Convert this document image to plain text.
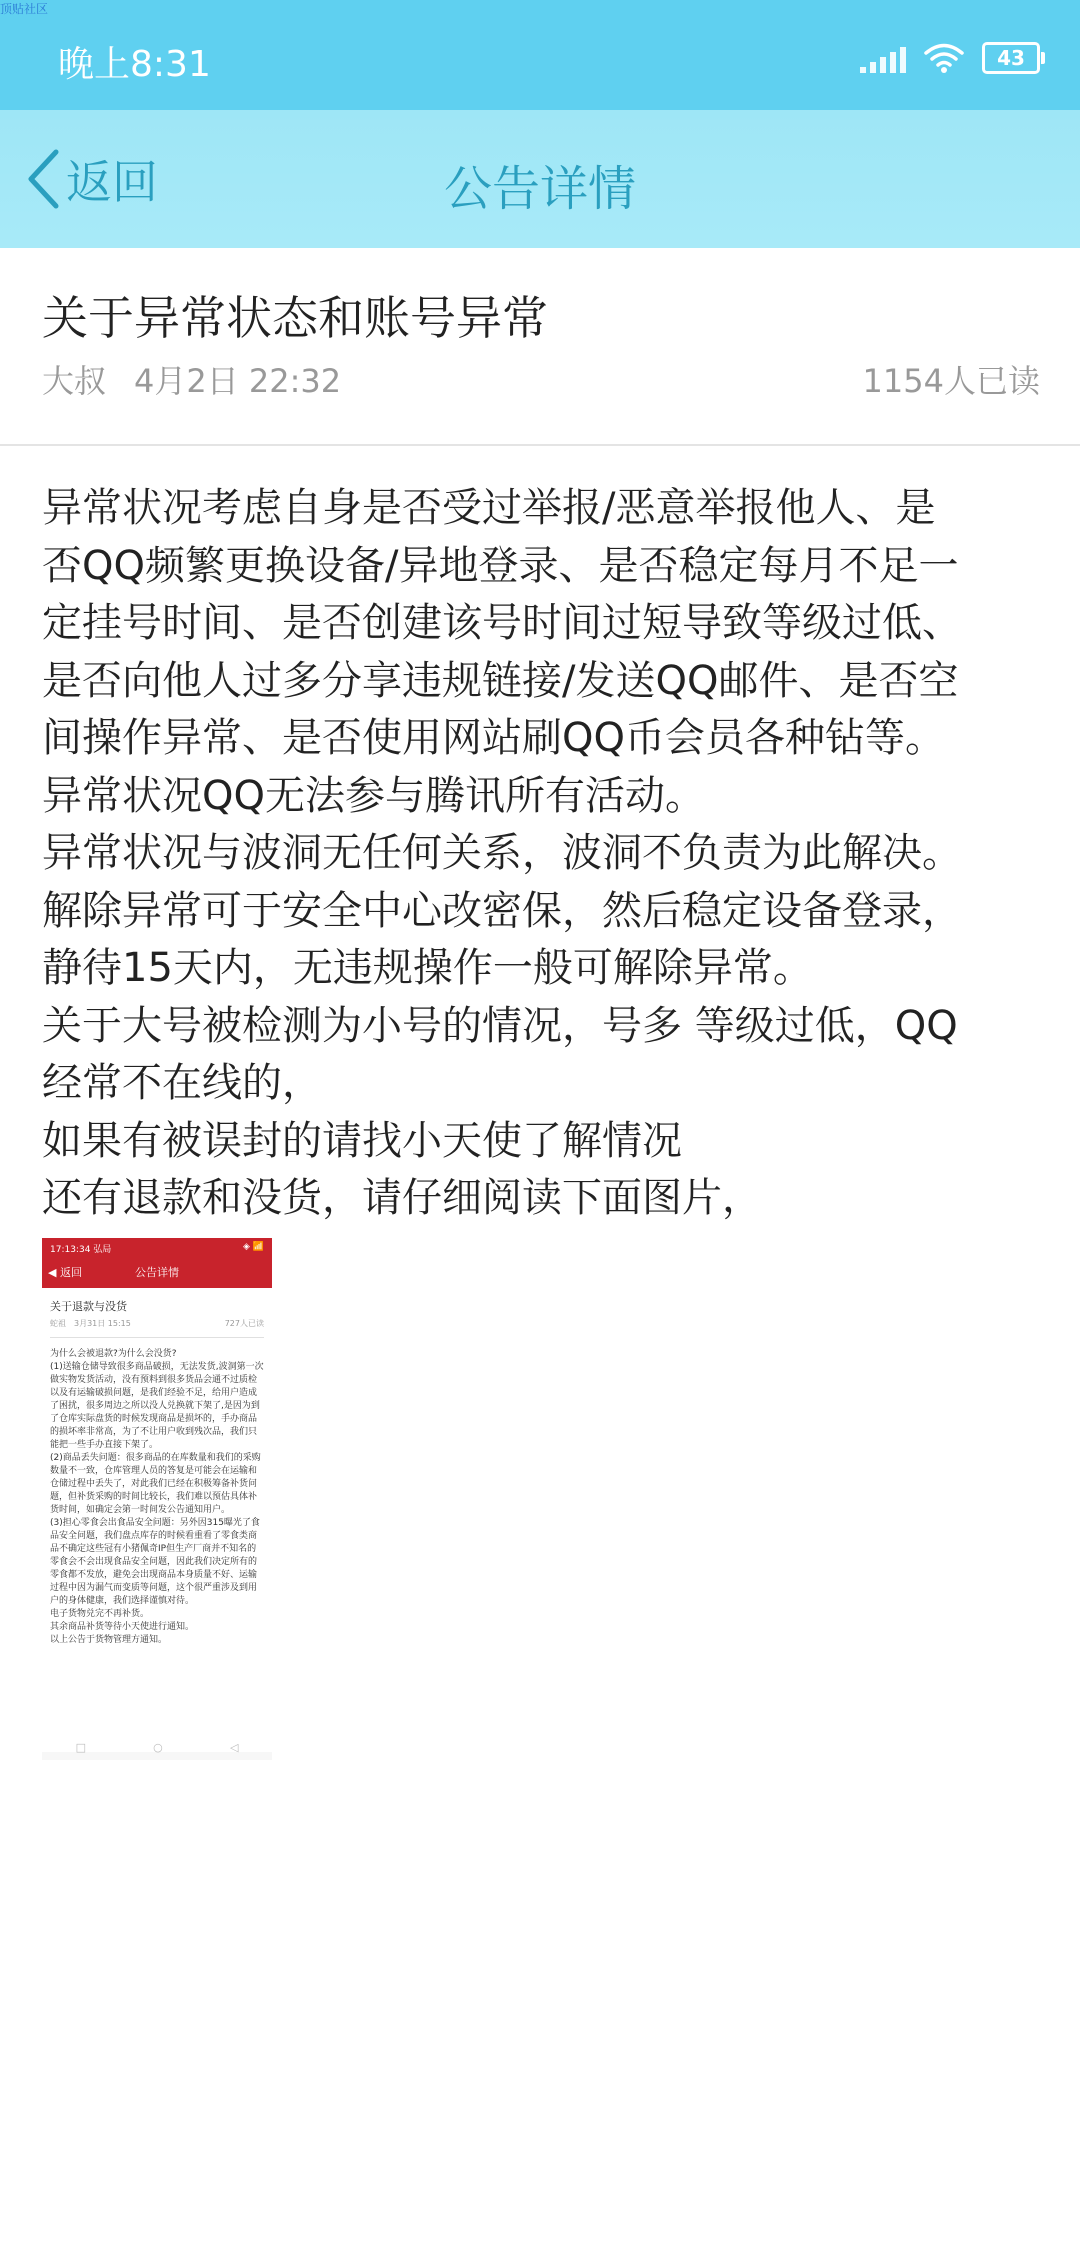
顶贴社区
晚上8:31	43
返回	公告详情
关于异常状态和账号异常
大叔 4月2日 22:32	1154人已读

异常状况考虑自身是否受过举报/恶意举报他人、是

否QQ频繁更换设备/异地登录、是否稳定每月不足一

定挂号时间、是否创建该号时间过短导致等级过低、

是否向他人过多分享违规链接/发送QQ邮件、是否空

间操作异常、是否使用网站刷QQ币会员各种钻等。

异常状况QQ无法参与腾讯所有活动。

异常状况与波洞无任何关系，波洞不负责为此解决。

解除异常可于安全中心改密保，然后稳定设备登录，

静待15天内，无违规操作一般可解除异常。

关于大号被检测为小号的情况，号多 等级过低，QQ

经常不在线的，

如果有被误封的请找小天使了解情况

还有退款和没货，请仔细阅读下面图片，

17:13:34 弘局	◈ 📶
◀ 返回	公告详情
关于退款与没货
蛇祖　3月31日 15:15	727人已读

为什么会被退款?为什么会没货?

(1)送输仓储导致很多商品破损，无法发货,波洞第一次做实物发货活动，没有预料到很多货品会通不过质检以及有运输破损问题，是我们经验不足，给用户造成了困扰，很多周边之所以没人兑换就下架了,是因为到了仓库实际盘货的时候发现商品是损坏的，手办商品的损坏率非常高，为了不让用户收到残次品，我们只能把一些手办直接下架了。

(2)商品丢失问题：很多商品的在库数量和我们的采购数量不一致，仓库管理人员的答复是可能会在运输和仓储过程中丢失了，对此我们已经在积极筹备补货问题，但补货采购的时间比较长，我们难以预估具体补货时间，如确定会第一时间发公告通知用户。

(3)担心零食会出食品安全问题：另外因315曝光了食品安全问题，我们盘点库存的时候看重看了零食类商品不确定这些冠有小猪佩奇IP但生产厂商并不知名的零食会不会出现食品安全问题，因此我们决定所有的零食都不发放，避免会出现商品本身质量不好、运输过程中因为漏气而变质等问题，这个很严重涉及到用户的身体健康，我们选择谨慎对待。

电子货物兑完不再补货。

其余商品补货等待小天使进行通知。

以上公告于货物管理方通知。

□	○	◁
